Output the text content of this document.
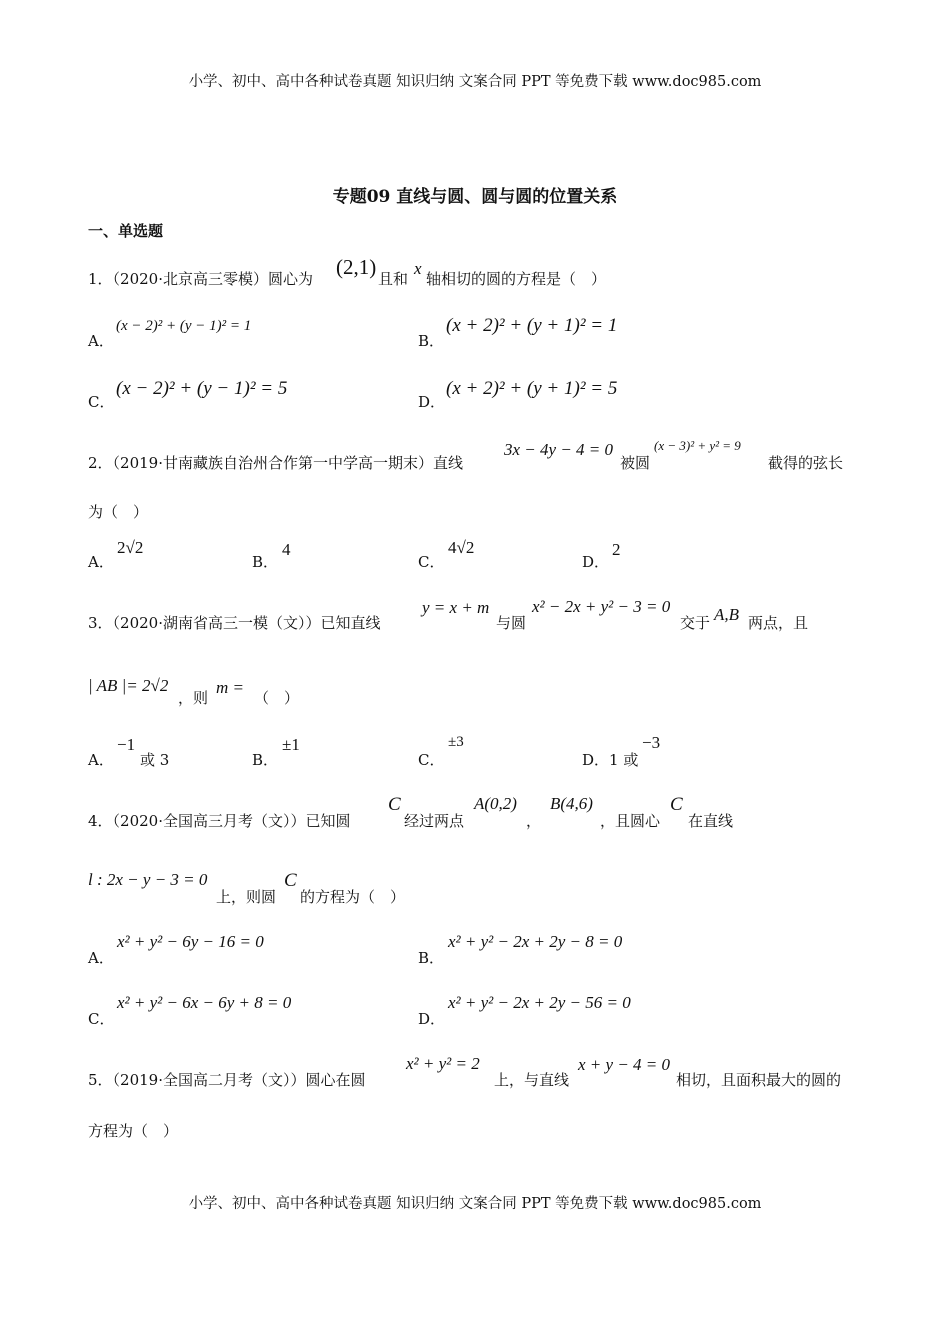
小学、初中、高中各种试卷真题 知识归纳 文案合同 PPT 等免费下载 www.doc985.com
专题09 直线与圆、圆与圆的位置关系
一、单选题
1．（2020·北京高三零模）圆心为 (2,1) 且和
x
轴相切的圆的方程是（　）
A．
(x − 2)² + (y − 1)² = 1
B．
(x + 2)² + (y + 1)² = 1
C．
(x − 2)² + (y − 1)² = 5
D．
(x + 2)² + (y + 1)² = 5
2．（2019·甘南藏族自治州合作第一中学高一期末）直线
3x − 4y − 4 = 0
被圆
(x − 3)² + y² = 9
截得的弦长
为（　）
A．
2√2
B．
4
C．
4√2
D．
2
3．（2020·湖南省高三一模（文））已知直线
y = x + m
与圆
x² − 2x + y² − 3 = 0
交于 A,B 两点，且
| AB |= 2√2
，则
m =
（　）
A．
−1
或 3	B．
±1
C．
±3
D．1 或
−3
4．（2020·全国高三月考（文））已知圆
C
经过两点
A(0,2)
，
B(4,6)
，且圆心
C
在直线
l : 2x − y − 3 = 0
上，则圆
C
的方程为（　）
A．
x² + y² − 6y − 16 = 0
B．
x² + y² − 2x + 2y − 8 = 0
C．
x² + y² − 6x − 6y + 8 = 0
D．
x² + y² − 2x + 2y − 56 = 0
5．（2019·全国高二月考（文））圆心在圆
x² + y² = 2
上，与直线
x + y − 4 = 0
相切，且面积最大的圆的
方程为（　）
小学、初中、高中各种试卷真题 知识归纳 文案合同 PPT 等免费下载 www.doc985.com
